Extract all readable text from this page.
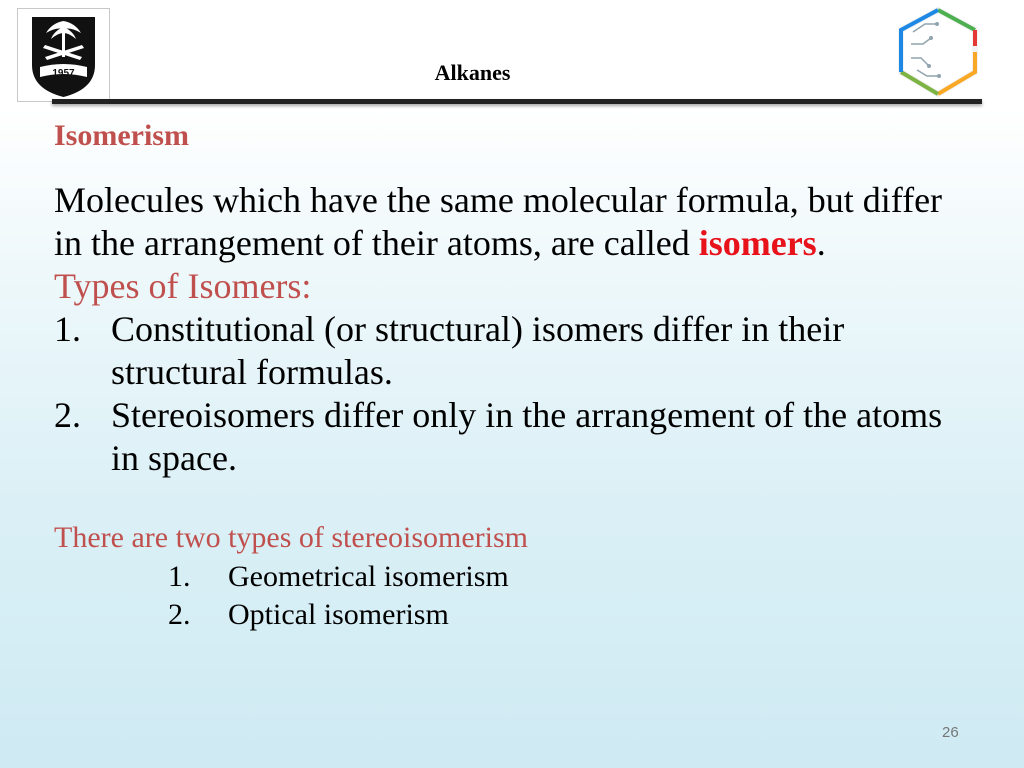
1957	Alkanes
Isomerism
Molecules which have the same molecular formula, but differ in the arrangement of their atoms, are called isomers.
Types of Isomers:
1. Constitutional (or structural) isomers differ in their structural formulas.
2. Stereoisomers differ only in the arrangement of the atoms in space.
There are two types of stereoisomerism
1.	Geometrical isomerism
2.	Optical isomerism
26
